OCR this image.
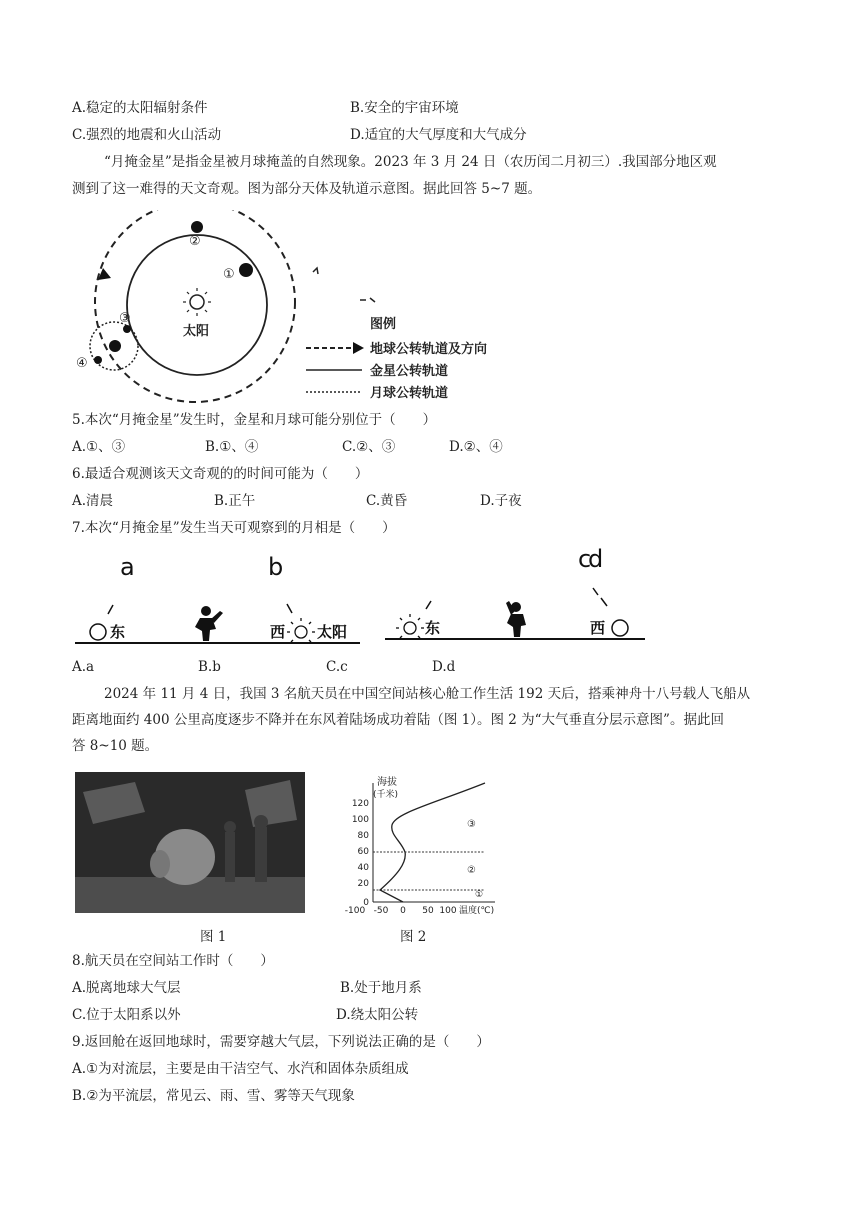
A.稳定的太阳辐射条件	B.安全的宇宙环境
C.强烈的地震和火山活动	D.适宜的大气厚度和大气成分
“月掩金星”是指金星被月球掩盖的自然现象。2023 年 3 月 24 日（农历闰二月初三）.我国部分地区观
测到了这一难得的天文奇观。图为部分天体及轨道示意图。据此回答 5~7 题。
太阳
②
①
③
④
图例
地球公转轨道及方向
金星公转轨道
月球公转轨道
5.本次“月掩金星”发生时，金星和月球可能分别位于（　　）
A.①、③	B.①、④	C.②、③	D.②、④
6.最适合观测该天文奇观的的时间可能为（　　）
A.清晨	B.正午	C.黄昏	D.子夜
7.本次“月掩金星”发生当天可观察到的月相是（　　）
a	b	c
d
东	西 太阳	东	西
A.a	B.b	C.c	D.d
2024 年 11 月 4 日，我国 3 名航天员在中国空间站核心舱工作生活 192 天后，搭乘神舟十八号载人飞船从
距离地面约 400 公里高度逐步不降并在东风着陆场成功着陆（图 1）。图 2 为“大气垂直分层示意图”。据此回
答 8~10 题。
海拔
(千米)
120
100
80
60
40
20
0
-100 -50 0 50 100 温度(℃)
③
②
①
图 1	图 2
8.航天员在空间站工作时（　　）
A.脱离地球大气层	B.处于地月系
C.位于太阳系以外	D.绕太阳公转
9.返回舱在返回地球时，需要穿越大气层，下列说法正确的是（　　）
A.①为对流层，主要是由干洁空气、水汽和固体杂质组成
B.②为平流层，常见云、雨、雪、雾等天气现象
